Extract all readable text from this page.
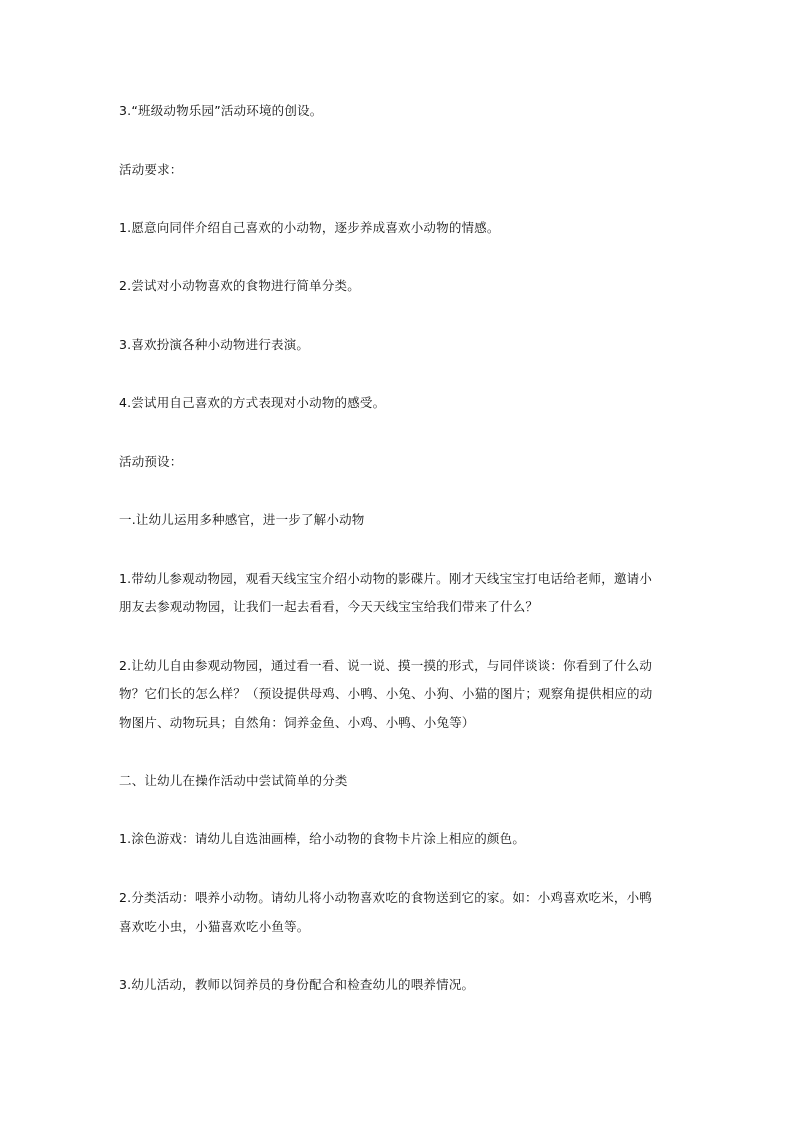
3.“班级动物乐园”活动环境的创设。
活动要求：
1.愿意向同伴介绍自己喜欢的小动物，逐步养成喜欢小动物的情感。
2.尝试对小动物喜欢的食物进行简单分类。
3.喜欢扮演各种小动物进行表演。
4.尝试用自己喜欢的方式表现对小动物的感受。
活动预设：
一.让幼儿运用多种感官，进一步了解小动物
1.带幼儿参观动物园，观看天线宝宝介绍小动物的影碟片。刚才天线宝宝打电话给老师，邀请小
朋友去参观动物园，让我们一起去看看，今天天线宝宝给我们带来了什么？
2.让幼儿自由参观动物园，通过看一看、说一说、摸一摸的形式，与同伴谈谈：你看到了什么动
物？它们长的怎么样？（预设提供母鸡、小鸭、小兔、小狗、小猫的图片；观察角提供相应的动
物图片、动物玩具；自然角：饲养金鱼、小鸡、小鸭、小兔等）
二、让幼儿在操作活动中尝试简单的分类
1.涂色游戏：请幼儿自选油画棒，给小动物的食物卡片涂上相应的颜色。
2.分类活动：喂养小动物。请幼儿将小动物喜欢吃的食物送到它的家。如：小鸡喜欢吃米，小鸭
喜欢吃小虫，小猫喜欢吃小鱼等。
3.幼儿活动，教师以饲养员的身份配合和检查幼儿的喂养情况。
